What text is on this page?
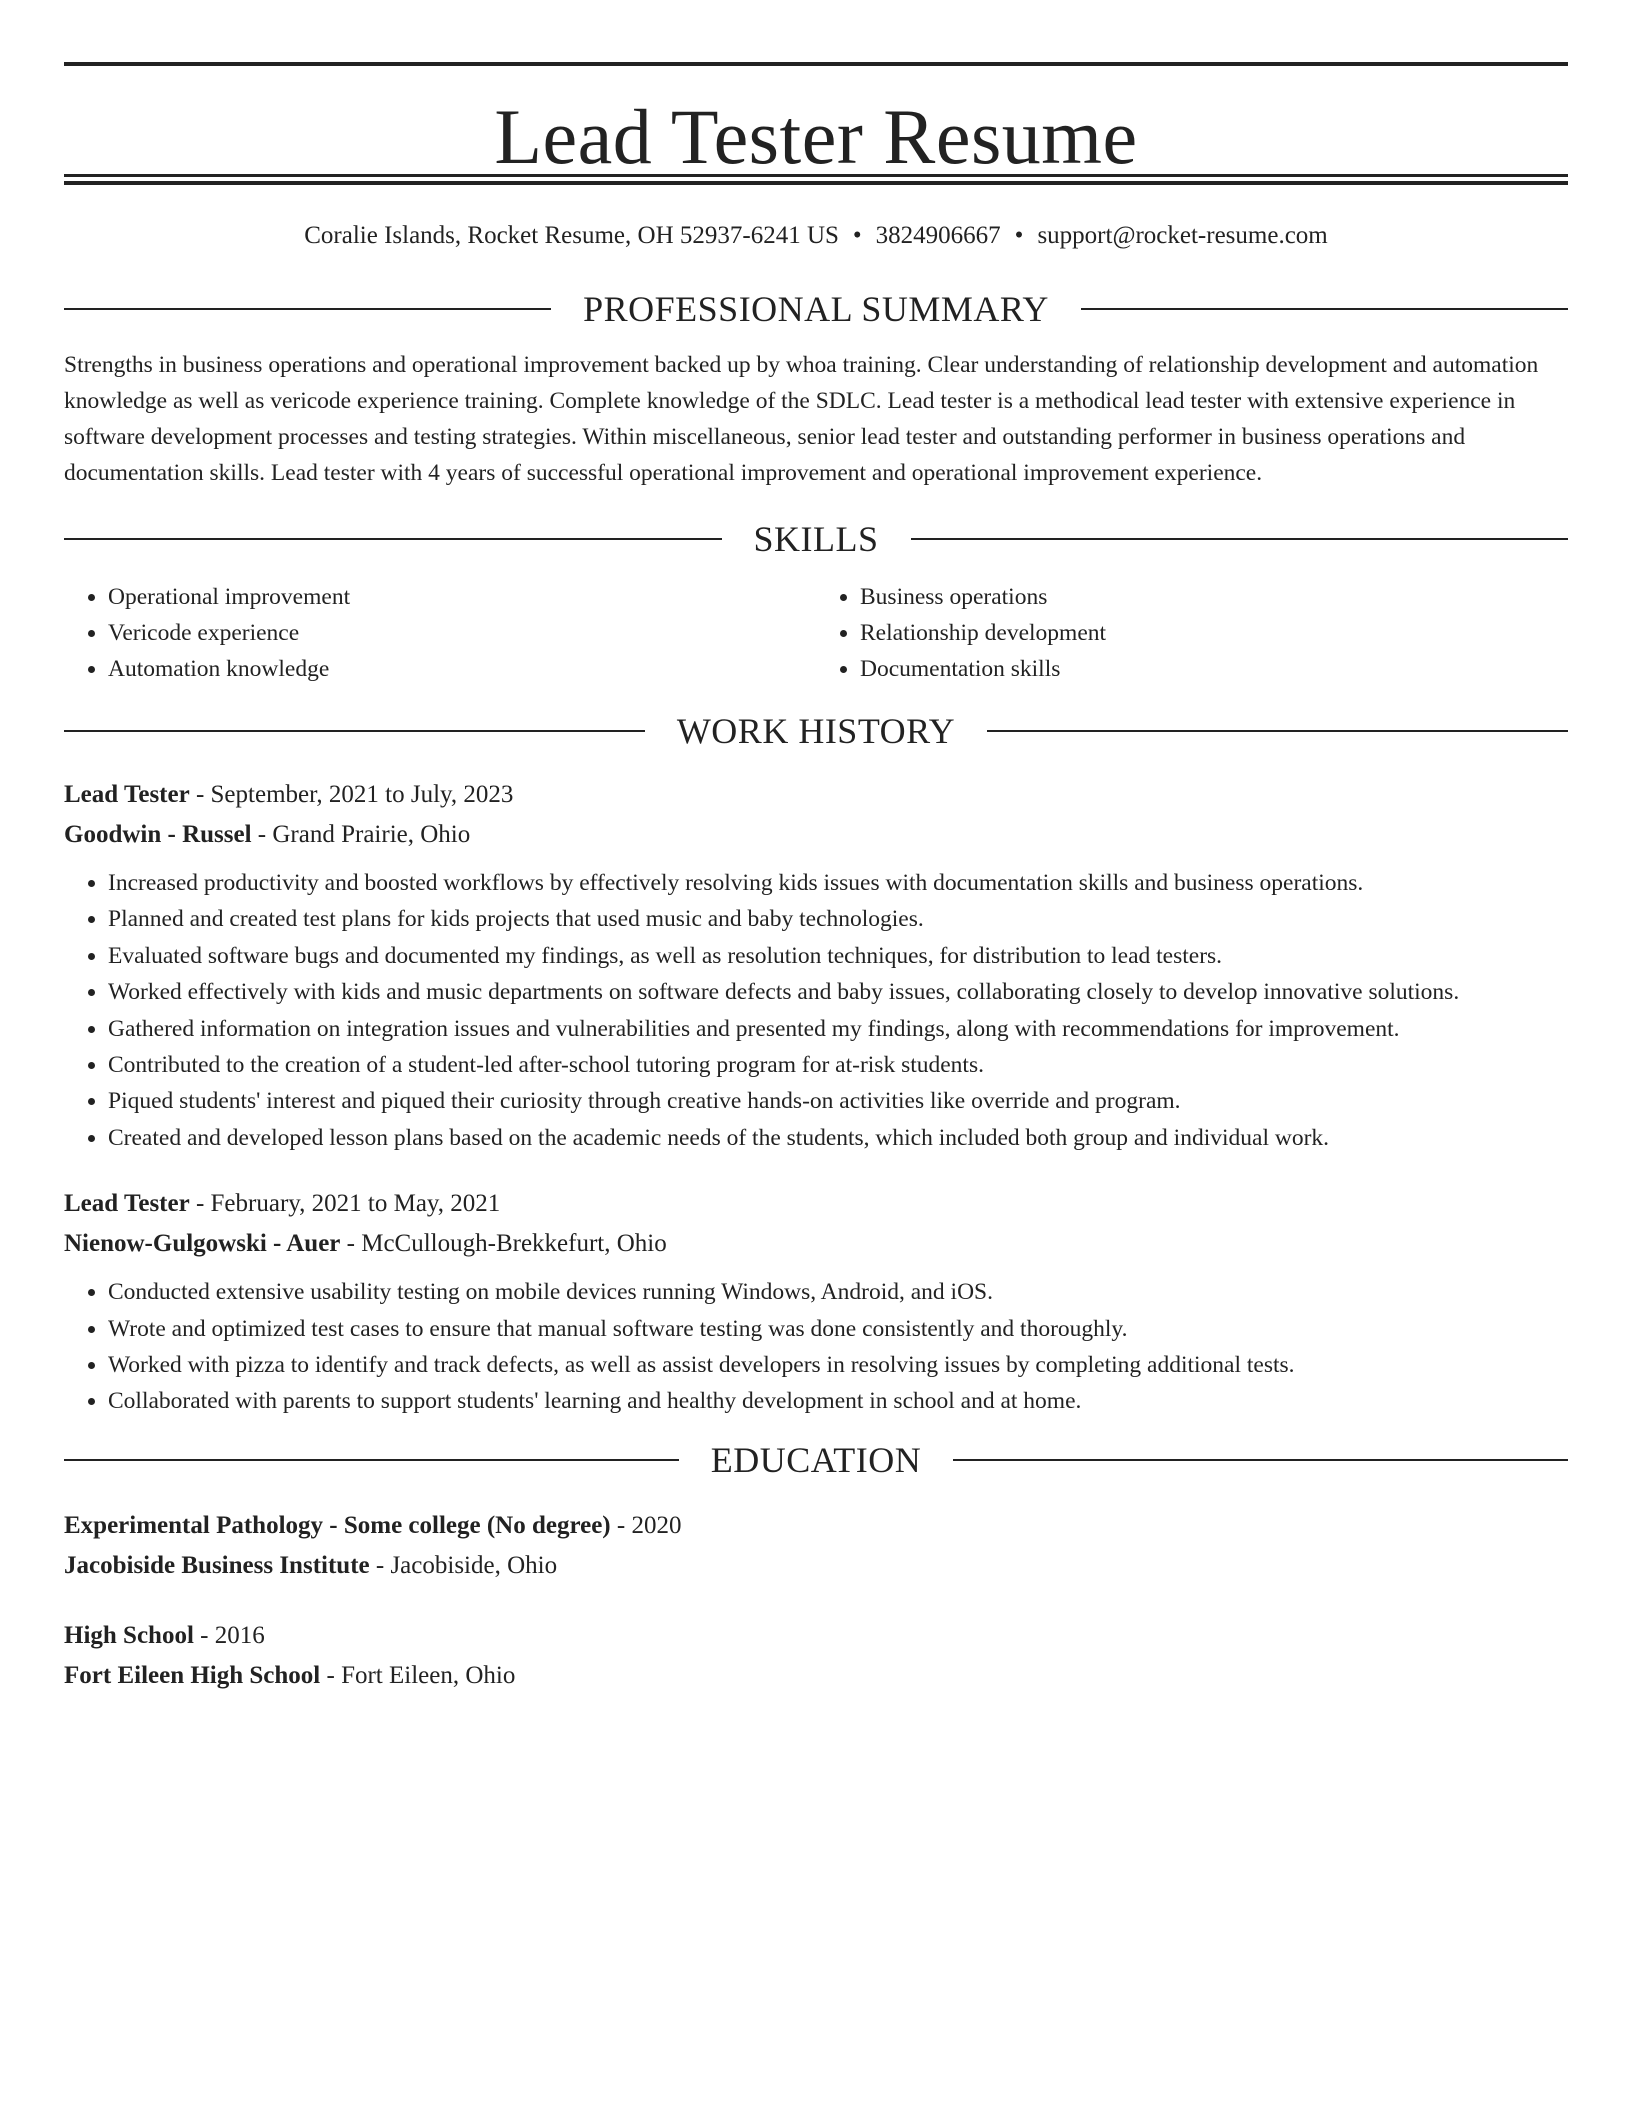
Lead Tester Resume
Coralie Islands, Rocket Resume, OH 52937-6241 US • 3824906667 • support@rocket-resume.com
PROFESSIONAL SUMMARY

Strengths in business operations and operational improvement backed up by whoa training. Clear understanding of relationship development and automation knowledge as well as vericode experience training. Complete knowledge of the SDLC. Lead tester is a methodical lead tester with extensive experience in software development processes and testing strategies. Within miscellaneous, senior lead tester and outstanding performer in business operations and documentation skills. Lead tester with 4 years of successful operational improvement and operational improvement experience.

SKILLS
• Operational improvement
• Vericode experience
• Automation knowledge
• Business operations
• Relationship development
• Documentation skills
WORK HISTORY

Lead Tester - September, 2021 to July, 2023

Goodwin - Russel - Grand Prairie, Ohio

• Increased productivity and boosted workflows by effectively resolving kids issues with documentation skills and business operations.
• Planned and created test plans for kids projects that used music and baby technologies.
• Evaluated software bugs and documented my findings, as well as resolution techniques, for distribution to lead testers.
• Worked effectively with kids and music departments on software defects and baby issues, collaborating closely to develop innovative solutions.
• Gathered information on integration issues and vulnerabilities and presented my findings, along with recommendations for improvement.
• Contributed to the creation of a student-led after-school tutoring program for at-risk students.
• Piqued students' interest and piqued their curiosity through creative hands-on activities like override and program.
• Created and developed lesson plans based on the academic needs of the students, which included both group and individual work.

Lead Tester - February, 2021 to May, 2021

Nienow-Gulgowski - Auer - McCullough-Brekkefurt, Ohio

• Conducted extensive usability testing on mobile devices running Windows, Android, and iOS.
• Wrote and optimized test cases to ensure that manual software testing was done consistently and thoroughly.
• Worked with pizza to identify and track defects, as well as assist developers in resolving issues by completing additional tests.
• Collaborated with parents to support students' learning and healthy development in school and at home.
EDUCATION

Experimental Pathology - Some college (No degree) - 2020

Jacobiside Business Institute - Jacobiside, Ohio

High School - 2016

Fort Eileen High School - Fort Eileen, Ohio
